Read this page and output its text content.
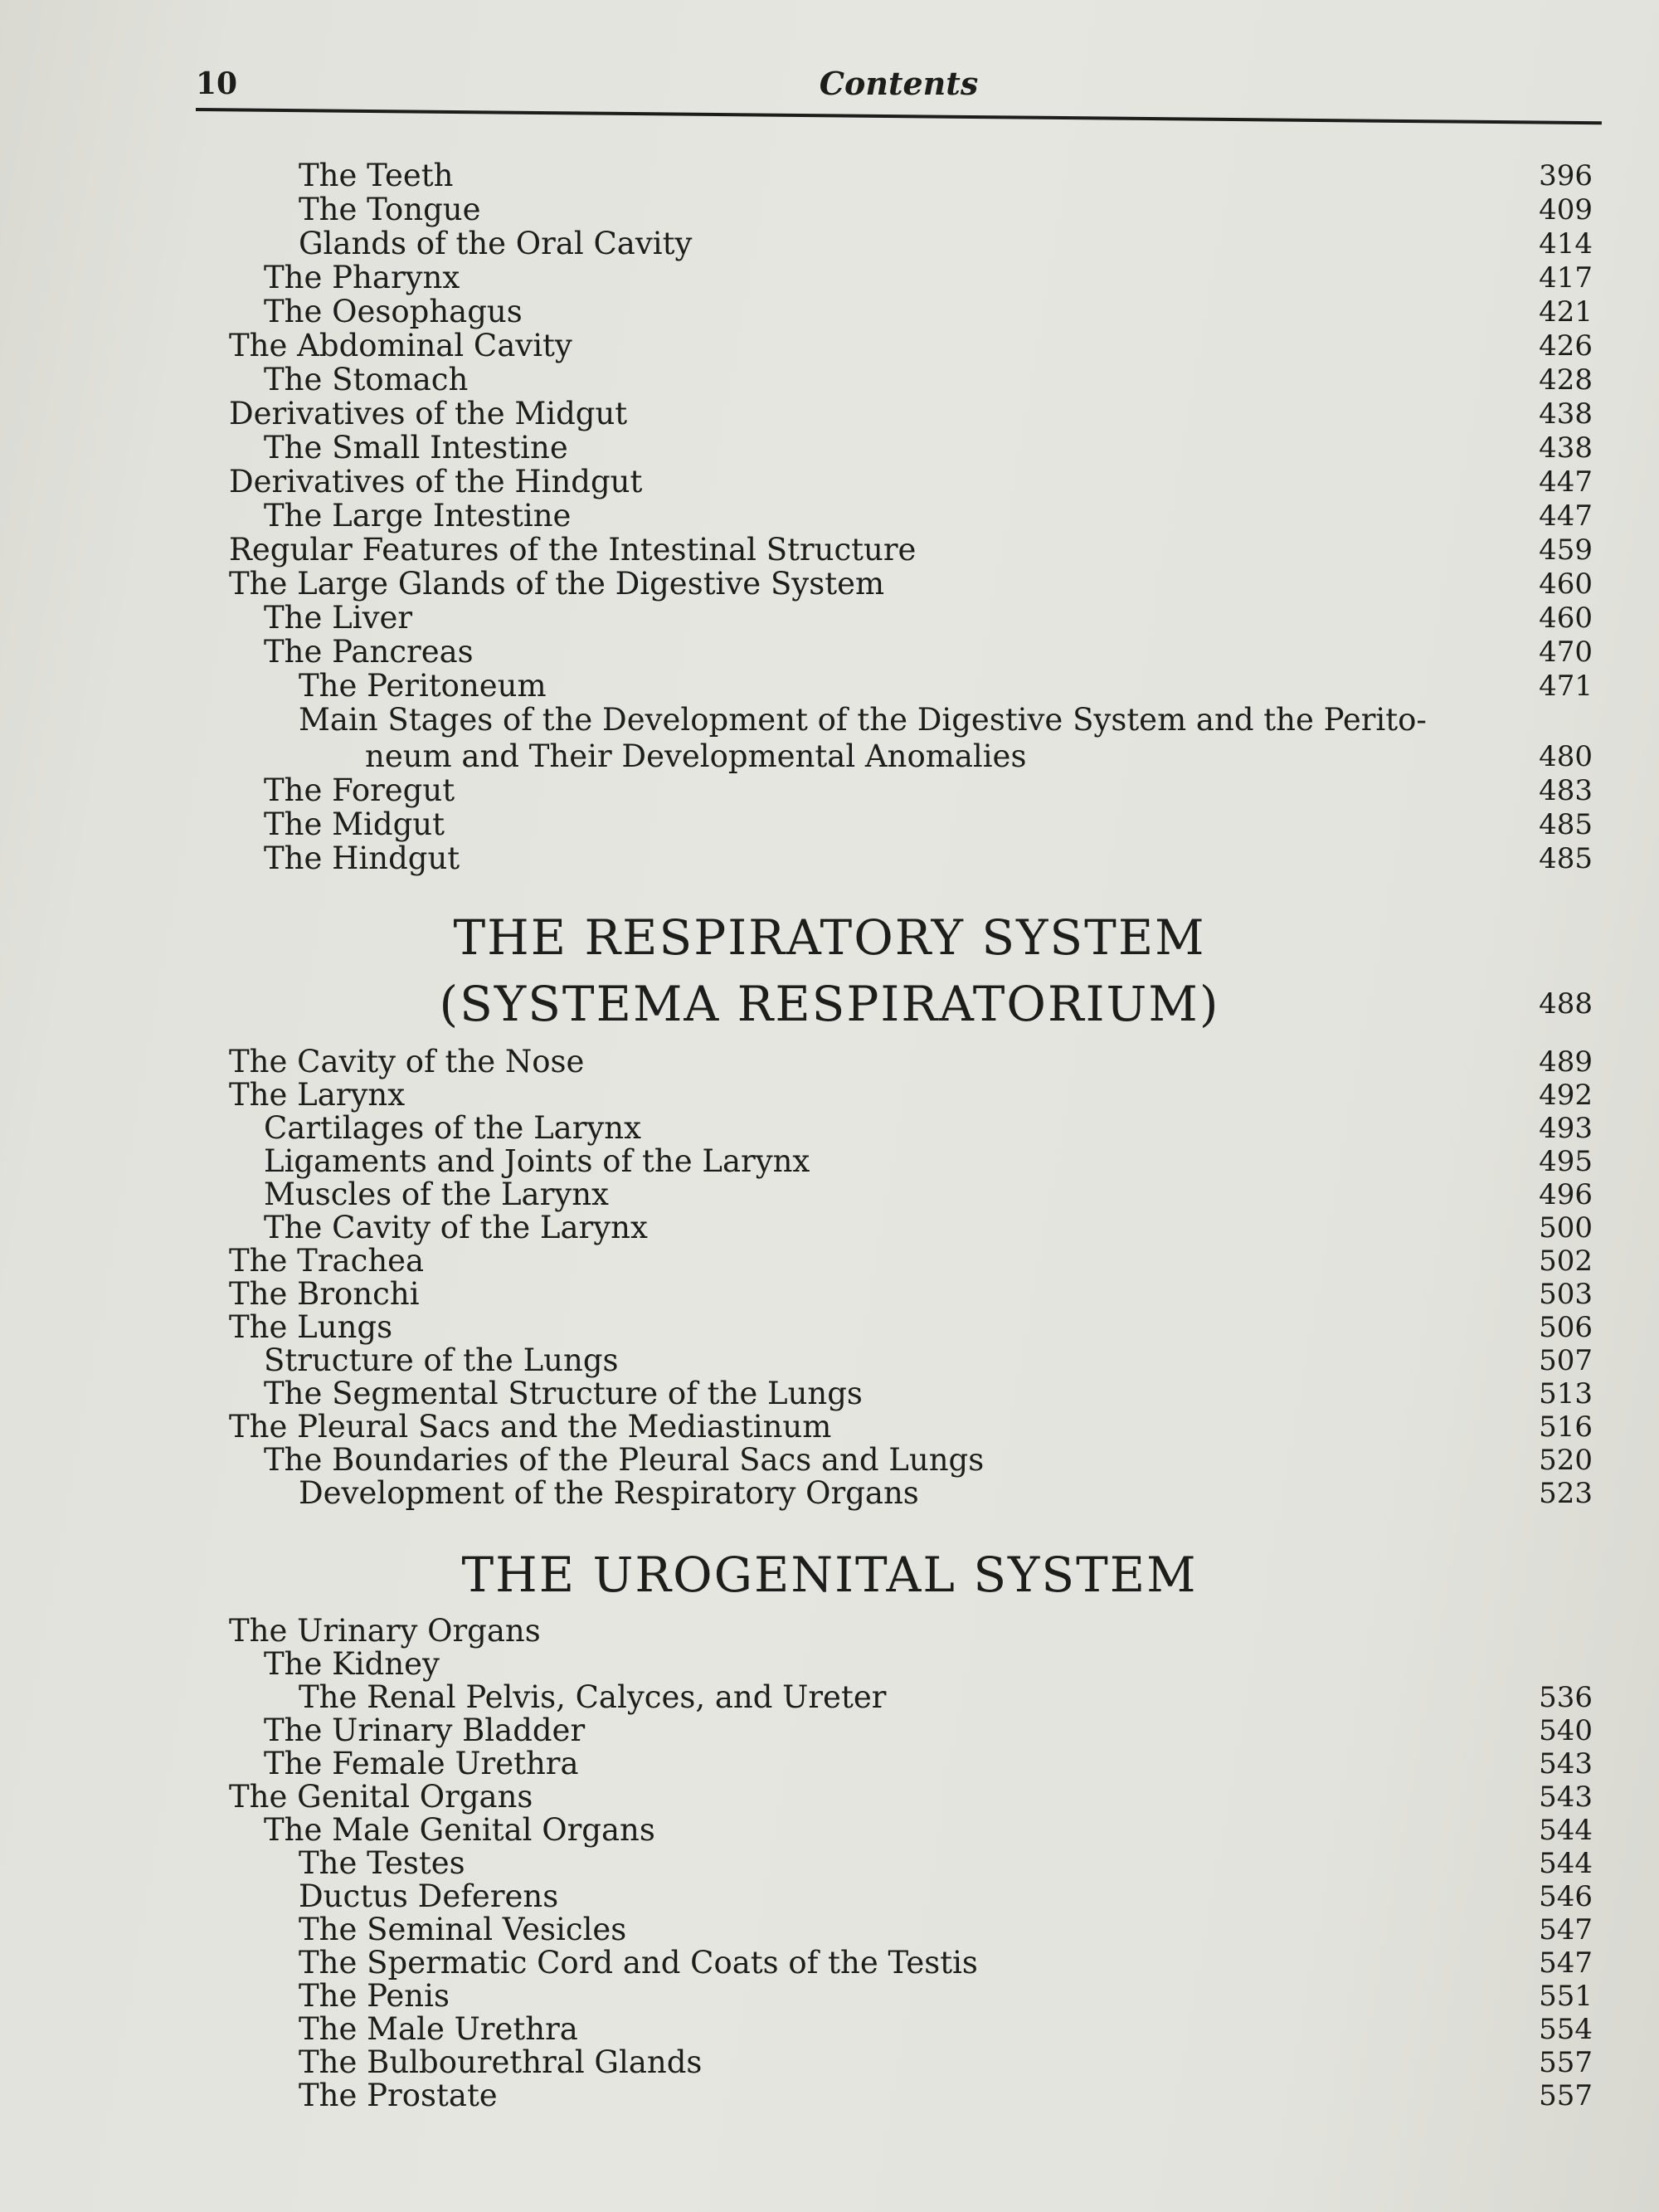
10	Contents
The Teeth	396
The Tongue	409
Glands of the Oral Cavity	414
The Pharynx	417
The Oesophagus	421
The Abdominal Cavity	426
The Stomach	428
Derivatives of the Midgut	438
The Small Intestine	438
Derivatives of the Hindgut	447
The Large Intestine	447
Regular Features of the Intestinal Structure	459
The Large Glands of the Digestive System	460
The Liver	460
The Pancreas	470
The Peritoneum	471
Main Stages of the Development of the Digestive System and the Perito-
neum and Their Developmental Anomalies	480
The Foregut	483
The Midgut	485
The Hindgut	485
THE RESPIRATORY SYSTEM
(SYSTEMA RESPIRATORIUM)	488
The Cavity of the Nose	489
The Larynx	492
Cartilages of the Larynx	493
Ligaments and Joints of the Larynx	495
Muscles of the Larynx	496
The Cavity of the Larynx	500
The Trachea	502
The Bronchi	503
The Lungs	506
Structure of the Lungs	507
The Segmental Structure of the Lungs	513
The Pleural Sacs and the Mediastinum	516
The Boundaries of the Pleural Sacs and Lungs	520
Development of the Respiratory Organs	523
THE UROGENITAL SYSTEM
The Urinary Organs
The Kidney
The Renal Pelvis, Calyces, and Ureter	536
The Urinary Bladder	540
The Female Urethra	543
The Genital Organs	543
The Male Genital Organs	544
The Testes	544
Ductus Deferens	546
The Seminal Vesicles	547
The Spermatic Cord and Coats of the Testis	547
The Penis	551
The Male Urethra	554
The Bulbourethral Glands	557
The Prostate	557
